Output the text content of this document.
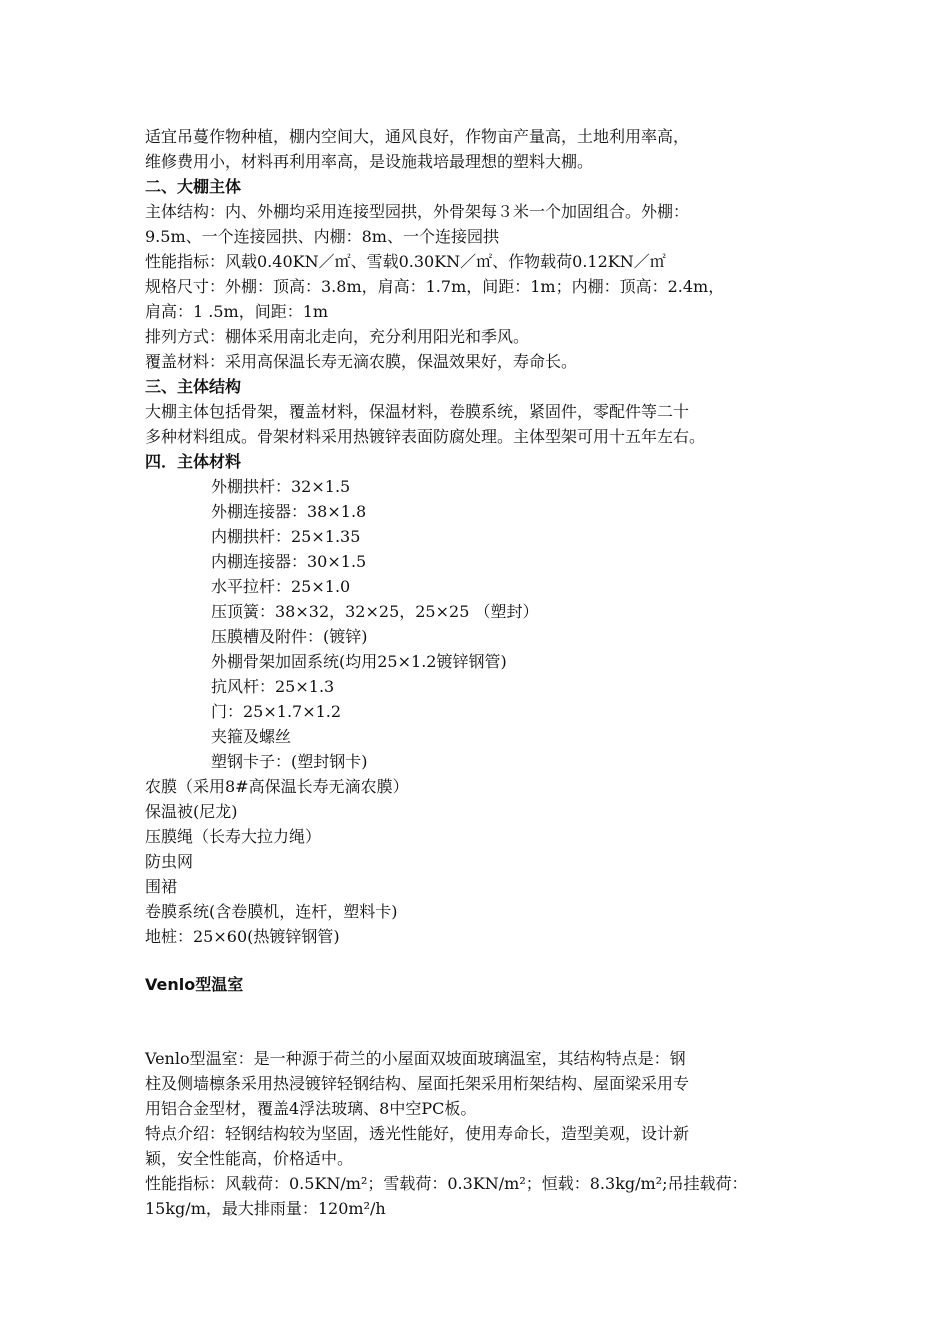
适宜吊蔓作物种植，棚内空间大，通风良好，作物亩产量高，土地利用率高，
维修费用小，材料再利用率高，是设施栽培最理想的塑料大棚。
二、大棚主体
主体结构：内、外棚均采用连接型园拱，外骨架每３米一个加固组合。外棚：
9.5m、一个连接园拱、内棚：8m、一个连接园拱
性能指标：风载0.40KN／㎡、雪载0.30KN／㎡、作物载荷0.12KN／㎡
规格尺寸：外棚：顶高：3.8m，肩高：1.7m，间距：1m；内棚：顶高：2.4m，
肩高：1 .5m，间距：1m
排列方式：棚体采用南北走向，充分利用阳光和季风。
覆盖材料：采用高保温长寿无滴农膜，保温效果好，寿命长。
三、主体结构
大棚主体包括骨架，覆盖材料，保温材料，卷膜系统，紧固件，零配件等二十
多种材料组成。骨架材料采用热镀锌表面防腐处理。主体型架可用十五年左右。
四．主体材料
外棚拱杆：32×1.5
外棚连接器：38×1.8
内棚拱杆：25×1.35
内棚连接器：30×1.5
水平拉杆：25×1.0
压顶簧：38×32，32×25，25×25 （塑封）
压膜槽及附件：(镀锌)
外棚骨架加固系统(均用25×1.2镀锌钢管)
抗风杆：25×1.3
门：25×1.7×1.2
夹箍及螺丝
塑钢卡子：(塑封钢卡)
农膜（采用8#高保温长寿无滴农膜）
保温被(尼龙)
压膜绳（长寿大拉力绳）
防虫网
围裙
卷膜系统(含卷膜机，连杆，塑料卡)
地桩：25×60(热镀锌钢管)
Venlo型温室
Venlo型温室：是一种源于荷兰的小屋面双坡面玻璃温室，其结构特点是：钢
柱及侧墙檩条采用热浸镀锌轻钢结构、屋面托架采用桁架结构、屋面梁采用专
用铝合金型材，覆盖4浮法玻璃、8中空PC板。
特点介绍：轻钢结构较为坚固，透光性能好，使用寿命长，造型美观，设计新
颖，安全性能高，价格适中。
性能指标：风载荷：0.5KN/m²；雪载荷：0.3KN/m²；恒载：8.3kg/m²;吊挂载荷：
15kg/m，最大排雨量：120m²/h
